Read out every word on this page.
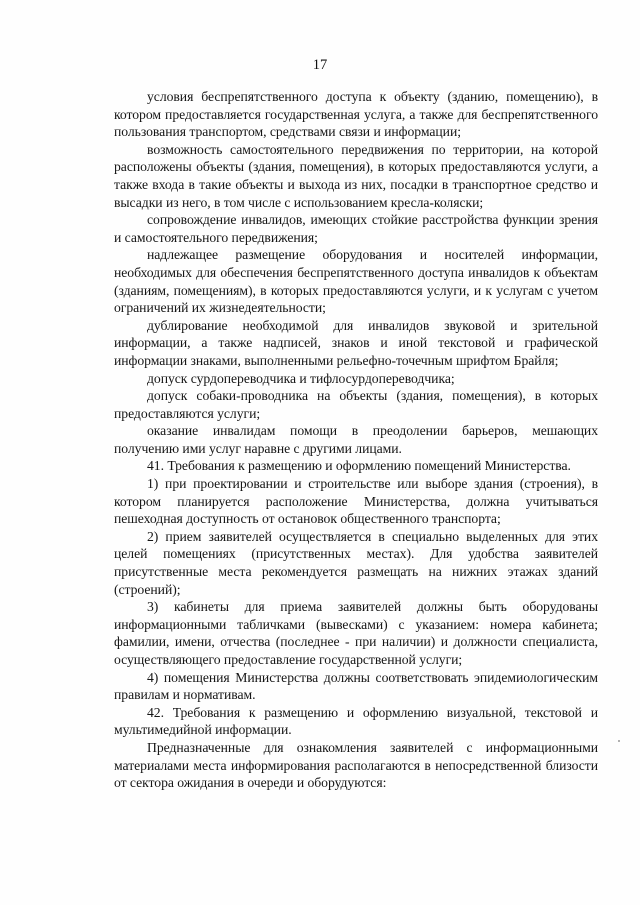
17

условия беспрепятственного доступа к объекту (зданию, помещению), в котором предоставляется государственная услуга, а также для беспрепятственного пользования транспортом, средствами связи и информации;

возможность самостоятельного передвижения по территории, на которой расположены объекты (здания, помещения), в которых предоставляются услуги, а также входа в такие объекты и выхода из них, посадки в транспортное средство и высадки из него, в том числе с использованием кресла-коляски;

сопровождение инвалидов, имеющих стойкие расстройства функции зрения и самостоятельного передвижения;

надлежащее размещение оборудования и носителей информации, необходимых для обеспечения беспрепятственного доступа инвалидов к объектам (зданиям, помещениям), в которых предоставляются услуги, и к услугам с учетом ограничений их жизнедеятельности;

дублирование необходимой для инвалидов звуковой и зрительной информации, а также надписей, знаков и иной текстовой и графической информации знаками, выполненными рельефно-точечным шрифтом Брайля;

допуск сурдопереводчика и тифлосурдопереводчика;

допуск собаки-проводника на объекты (здания, помещения), в которых предоставляются услуги;

оказание инвалидам помощи в преодолении барьеров, мешающих получению ими услуг наравне с другими лицами.

41. Требования к размещению и оформлению помещений Министерства.

1) при проектировании и строительстве или выборе здания (строения), в котором планируется расположение Министерства, должна учитываться пешеходная доступность от остановок общественного транспорта;

2) прием заявителей осуществляется в специально выделенных для этих целей помещениях (присутственных местах). Для удобства заявителей присутственные места рекомендуется размещать на нижних этажах зданий (строений);

3) кабинеты для приема заявителей должны быть оборудованы информационными табличками (вывесками) с указанием: номера кабинета; фамилии, имени, отчества (последнее - при наличии) и должности специалиста, осуществляющего предоставление государственной услуги;

4) помещения Министерства должны соответствовать эпидемиологическим правилам и нормативам.

42. Требования к размещению и оформлению визуальной, текстовой и мультимедийной информации.

Предназначенные для ознакомления заявителей с информационными материалами места информирования располагаются в непосредственной близости от сектора ожидания в очереди и оборудуются:
